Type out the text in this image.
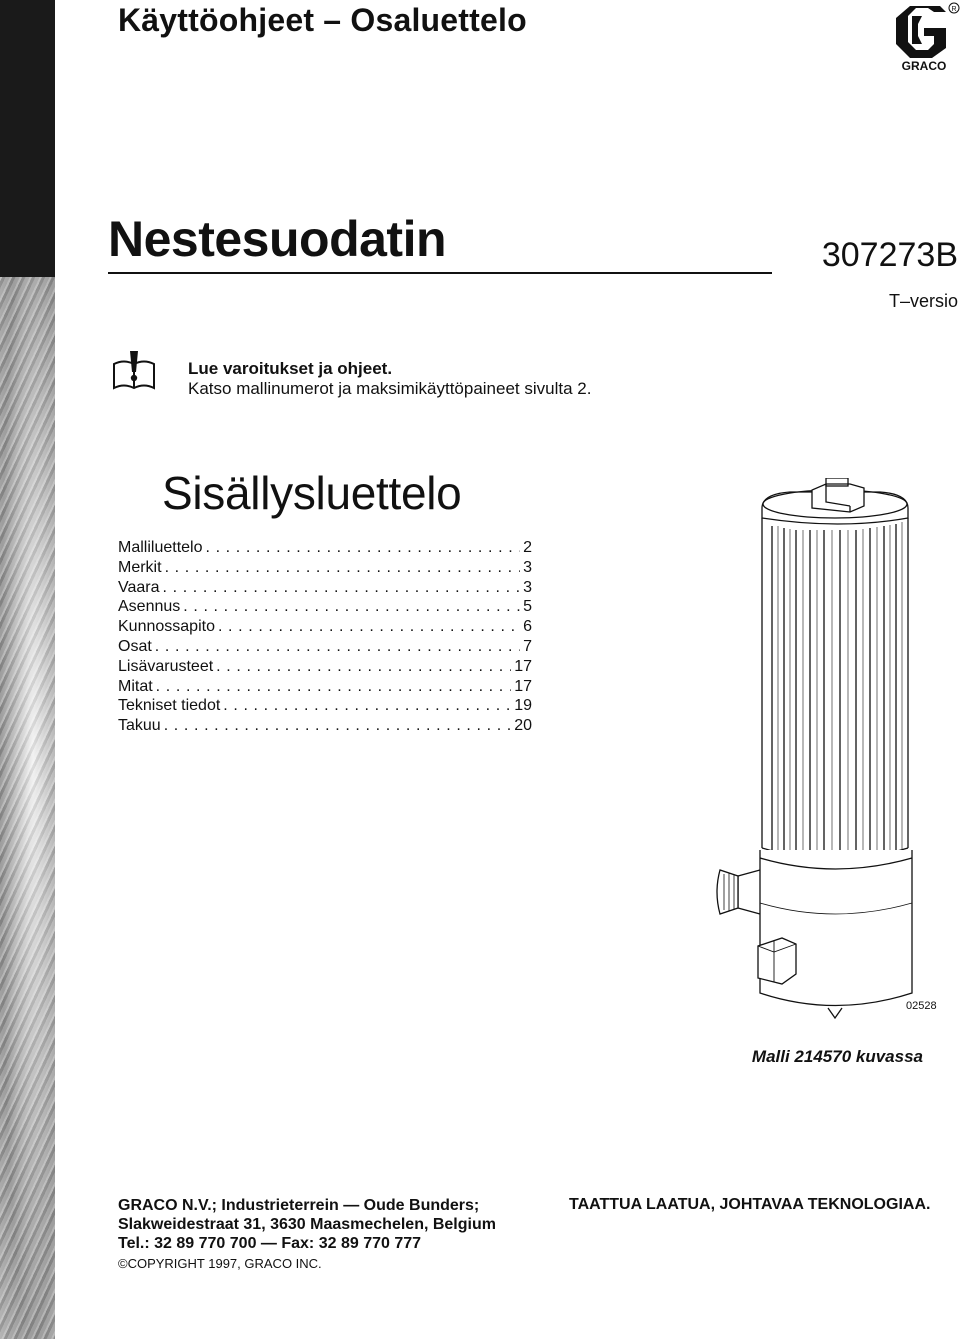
Käyttöohjeet – Osaluettelo
GRACO
R
Nestesuodatin	307273B
T–versio
Lue varoitukset ja ohjeet.
Katso mallinumerot ja maksimikäyttöpaineet sivulta 2.
Sisällysluettelo
Malliluettelo . . .	2
Merkit . . .	3
Vaara . . .	3
Asennus . . .	5
Kunnossapito . . .	6
Osat . . .	7
Lisävarusteet . . .	17
Mitat . . .	17
Tekniset tiedot . . .	19
Takuu . . .	20
02528
Malli 214570 kuvassa
GRACO N.V.; Industrieterrein — Oude Bunders;
Slakweidestraat 31, 3630 Maasmechelen, Belgium
Tel.: 32 89 770 700 — Fax: 32 89 770 777
©COPYRIGHT 1997, GRACO INC.
TAATTUA LAATUA, JOHTAVAA TEKNOLOGIAA.
